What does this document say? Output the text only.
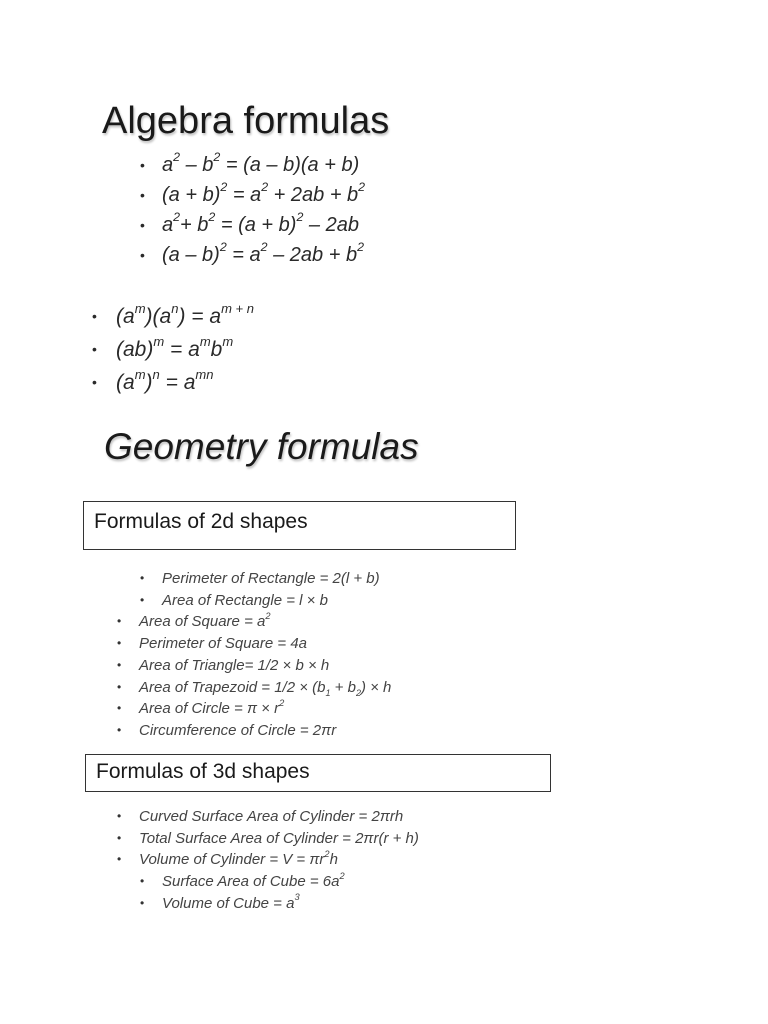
Algebra formulas
• $a^2 - b^2 = (a - b)(a + b)$
• $(a + b)^2 = a^2 + 2ab + b^2$
• $a^2+ b^2 = (a + b)^2 - 2ab$
• $(a - b)^2 = a^2 - 2ab + b^2$
• $(a^m)(a^n) = a^{m + n}$
• $(ab)^m = a^mb^m$
• $(a^m)^n = a^{mn}$
Geometry formulas
Formulas of 2d shapes
• Perimeter of Rectangle = 2(l + b)
• Area of Rectangle = l × b
• Area of Square = $a^2$
• Perimeter of Square = 4a
• Area of Triangle= 1/2 × b × h
• Area of Trapezoid = $1/2 \times (b_1 + b_2) \times h$
• Area of Circle = $\pi \times r^2$
• Circumference of Circle = 2πr
Formulas of 3d shapes
• Curved Surface Area of Cylinder = 2πrh
• Total Surface Area of Cylinder = 2πr(r + h)
• Volume of Cylinder = $V = \pi r^2h$
• Surface Area of Cube = $6a^2$
• Volume of Cube = $a^3$
